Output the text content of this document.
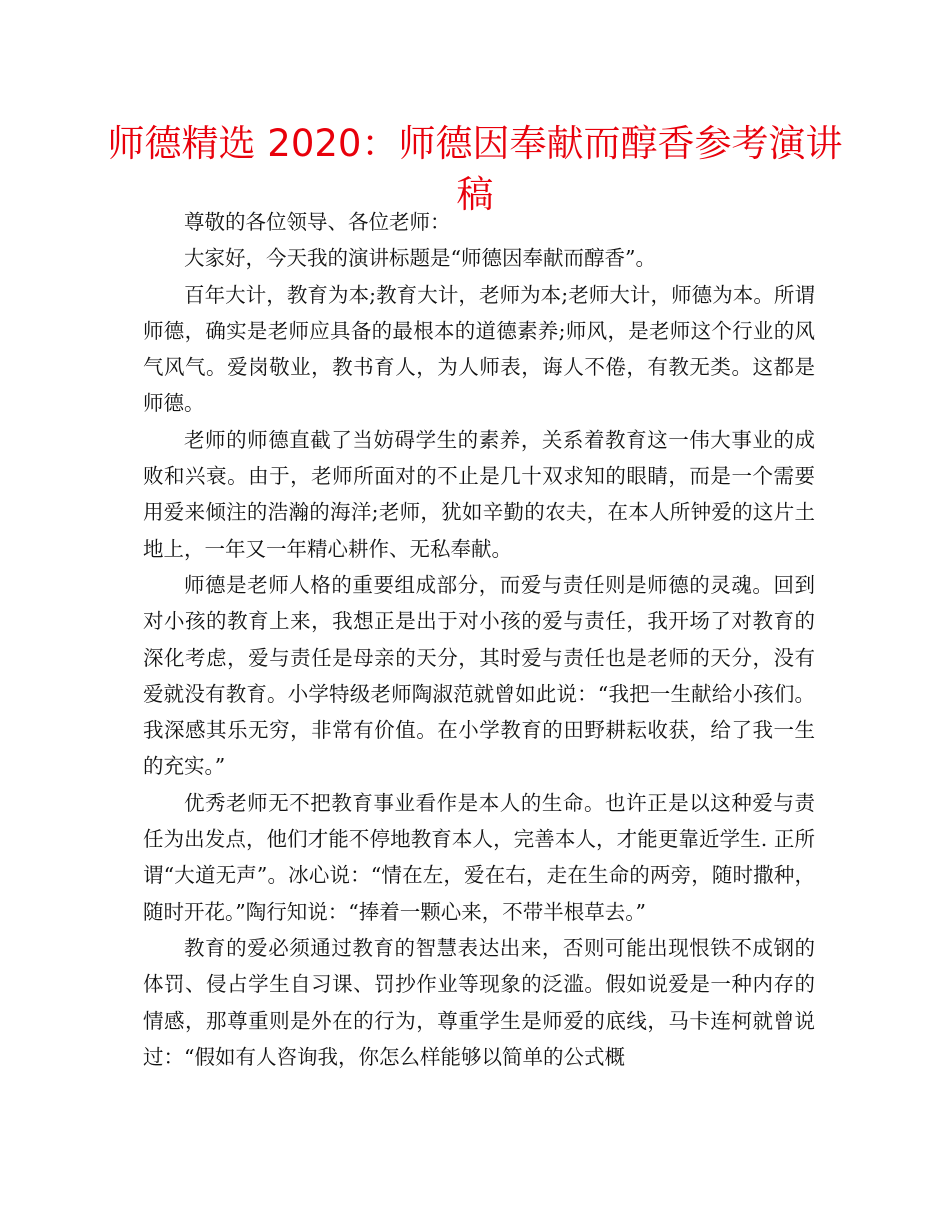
师德精选 2020：师德因奉献而醇香参考演讲稿

尊敬的各位领导、各位老师：

大家好，今天我的演讲标题是“师德因奉献而醇香”。

百年大计，教育为本;教育大计，老师为本;老师大计，师德为本。所谓师德，确实是老师应具备的最根本的道德素养;师风，是老师这个行业的风气风气。爱岗敬业，教书育人，为人师表，诲人不倦，有教无类。这都是师德。

老师的师德直截了当妨碍学生的素养，关系着教育这一伟大事业的成败和兴衰。由于，老师所面对的不止是几十双求知的眼睛，而是一个需要用爱来倾注的浩瀚的海洋;老师，犹如辛勤的农夫，在本人所钟爱的这片土地上，一年又一年精心耕作、无私奉献。

师德是老师人格的重要组成部分，而爱与责任则是师德的灵魂。回到对小孩的教育上来，我想正是出于对小孩的爱与责任，我开场了对教育的深化考虑，爱与责任是母亲的天分，其时爱与责任也是老师的天分，没有爱就没有教育。小学特级老师陶淑范就曾如此说：“我把一生献给小孩们。我深感其乐无穷，非常有价值。在小学教育的田野耕耘收获，给了我一生的充实。”

优秀老师无不把教育事业看作是本人的生命。也许正是以这种爱与责任为出发点，他们才能不停地教育本人，完善本人，才能更靠近学生. 正所谓“大道无声”。冰心说：“情在左，爱在右，走在生命的两旁，随时撒种，随时开花。”陶行知说：“捧着一颗心来，不带半根草去。”

教育的爱必须通过教育的智慧表达出来，否则可能出现恨铁不成钢的体罚、侵占学生自习课、罚抄作业等现象的泛滥。假如说爱是一种内存的情感，那尊重则是外在的行为，尊重学生是师爱的底线，马卡连柯就曾说过：“假如有人咨询我，你怎么样能够以简单的公式概
